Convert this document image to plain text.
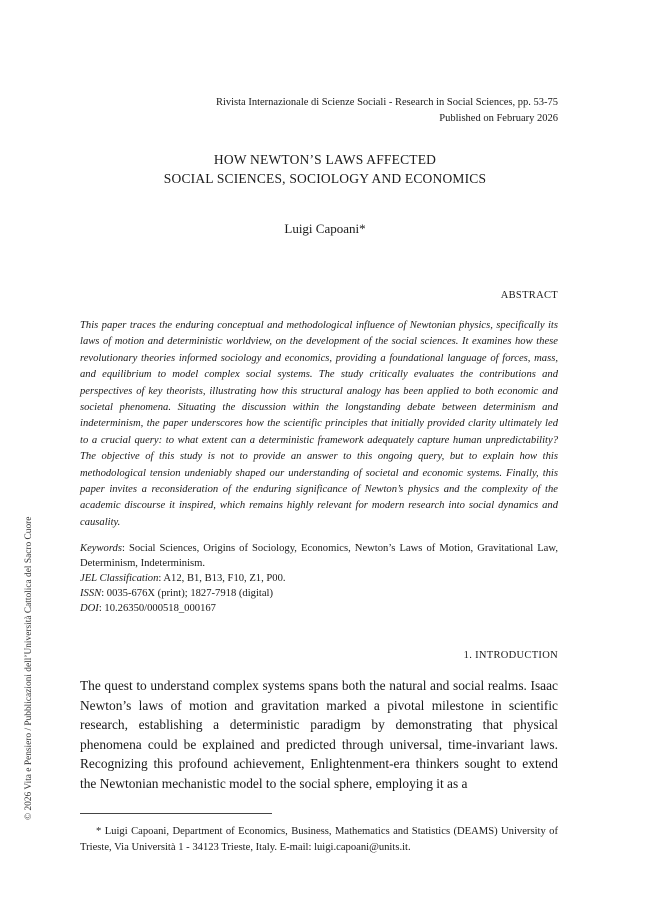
Rivista Internazionale di Scienze Sociali - Research in Social Sciences, pp. 53-75
Published on February 2026
HOW NEWTON’S LAWS AFFECTED
SOCIAL SCIENCES, SOCIOLOGY AND ECONOMICS
Luigi Capoani*
ABSTRACT

This paper traces the enduring conceptual and methodological influence of Newtonian physics, specifically its laws of motion and deterministic worldview, on the development of the social sciences. It examines how these revolutionary theories informed sociology and economics, providing a foundational language of forces, mass, and equilibrium to model complex social systems. The study critically evaluates the contributions and perspectives of key theorists, illustrating how this structural analogy has been applied to both economic and societal phenomena. Situating the discussion within the longstanding debate between determinism and indeterminism, the paper underscores how the scientific principles that initially provided clarity ultimately led to a crucial query: to what extent can a deterministic framework adequately capture human unpredictability? The objective of this study is not to provide an answer to this ongoing query, but to explain how this methodological tension undeniably shaped our understanding of societal and economic systems. Finally, this paper invites a reconsideration of the enduring significance of Newton’s physics and the complexity of the academic discourse it inspired, which remains highly relevant for modern research into social dynamics and causality.

Keywords: Social Sciences, Origins of Sociology, Economics, Newton’s Laws of Motion, Gravitational Law, Determinism, Indeterminism.
JEL Classification: A12, B1, B13, F10, Z1, P00.
ISSN: 0035-676X (print); 1827-7918 (digital)
DOI: 10.26350/000518_000167
1. INTRODUCTION

The quest to understand complex systems spans both the natural and social realms. Isaac Newton’s laws of motion and gravitation marked a pivotal milestone in scientific research, establishing a deterministic paradigm by demonstrating that physical phenomena could be explained and predicted through universal, time-invariant laws. Recognizing this profound achievement, Enlightenment-era thinkers sought to extend the Newtonian mechanistic model to the social sphere, employing it as a

* Luigi Capoani, Department of Economics, Business, Mathematics and Statistics (DEAMS) University of Trieste, Via Università 1 - 34123 Trieste, Italy. E-mail: luigi.capoani@units.it.

© 2026 Vita e Pensiero / Pubblicazioni dell’Università Cattolica del Sacro Cuore
